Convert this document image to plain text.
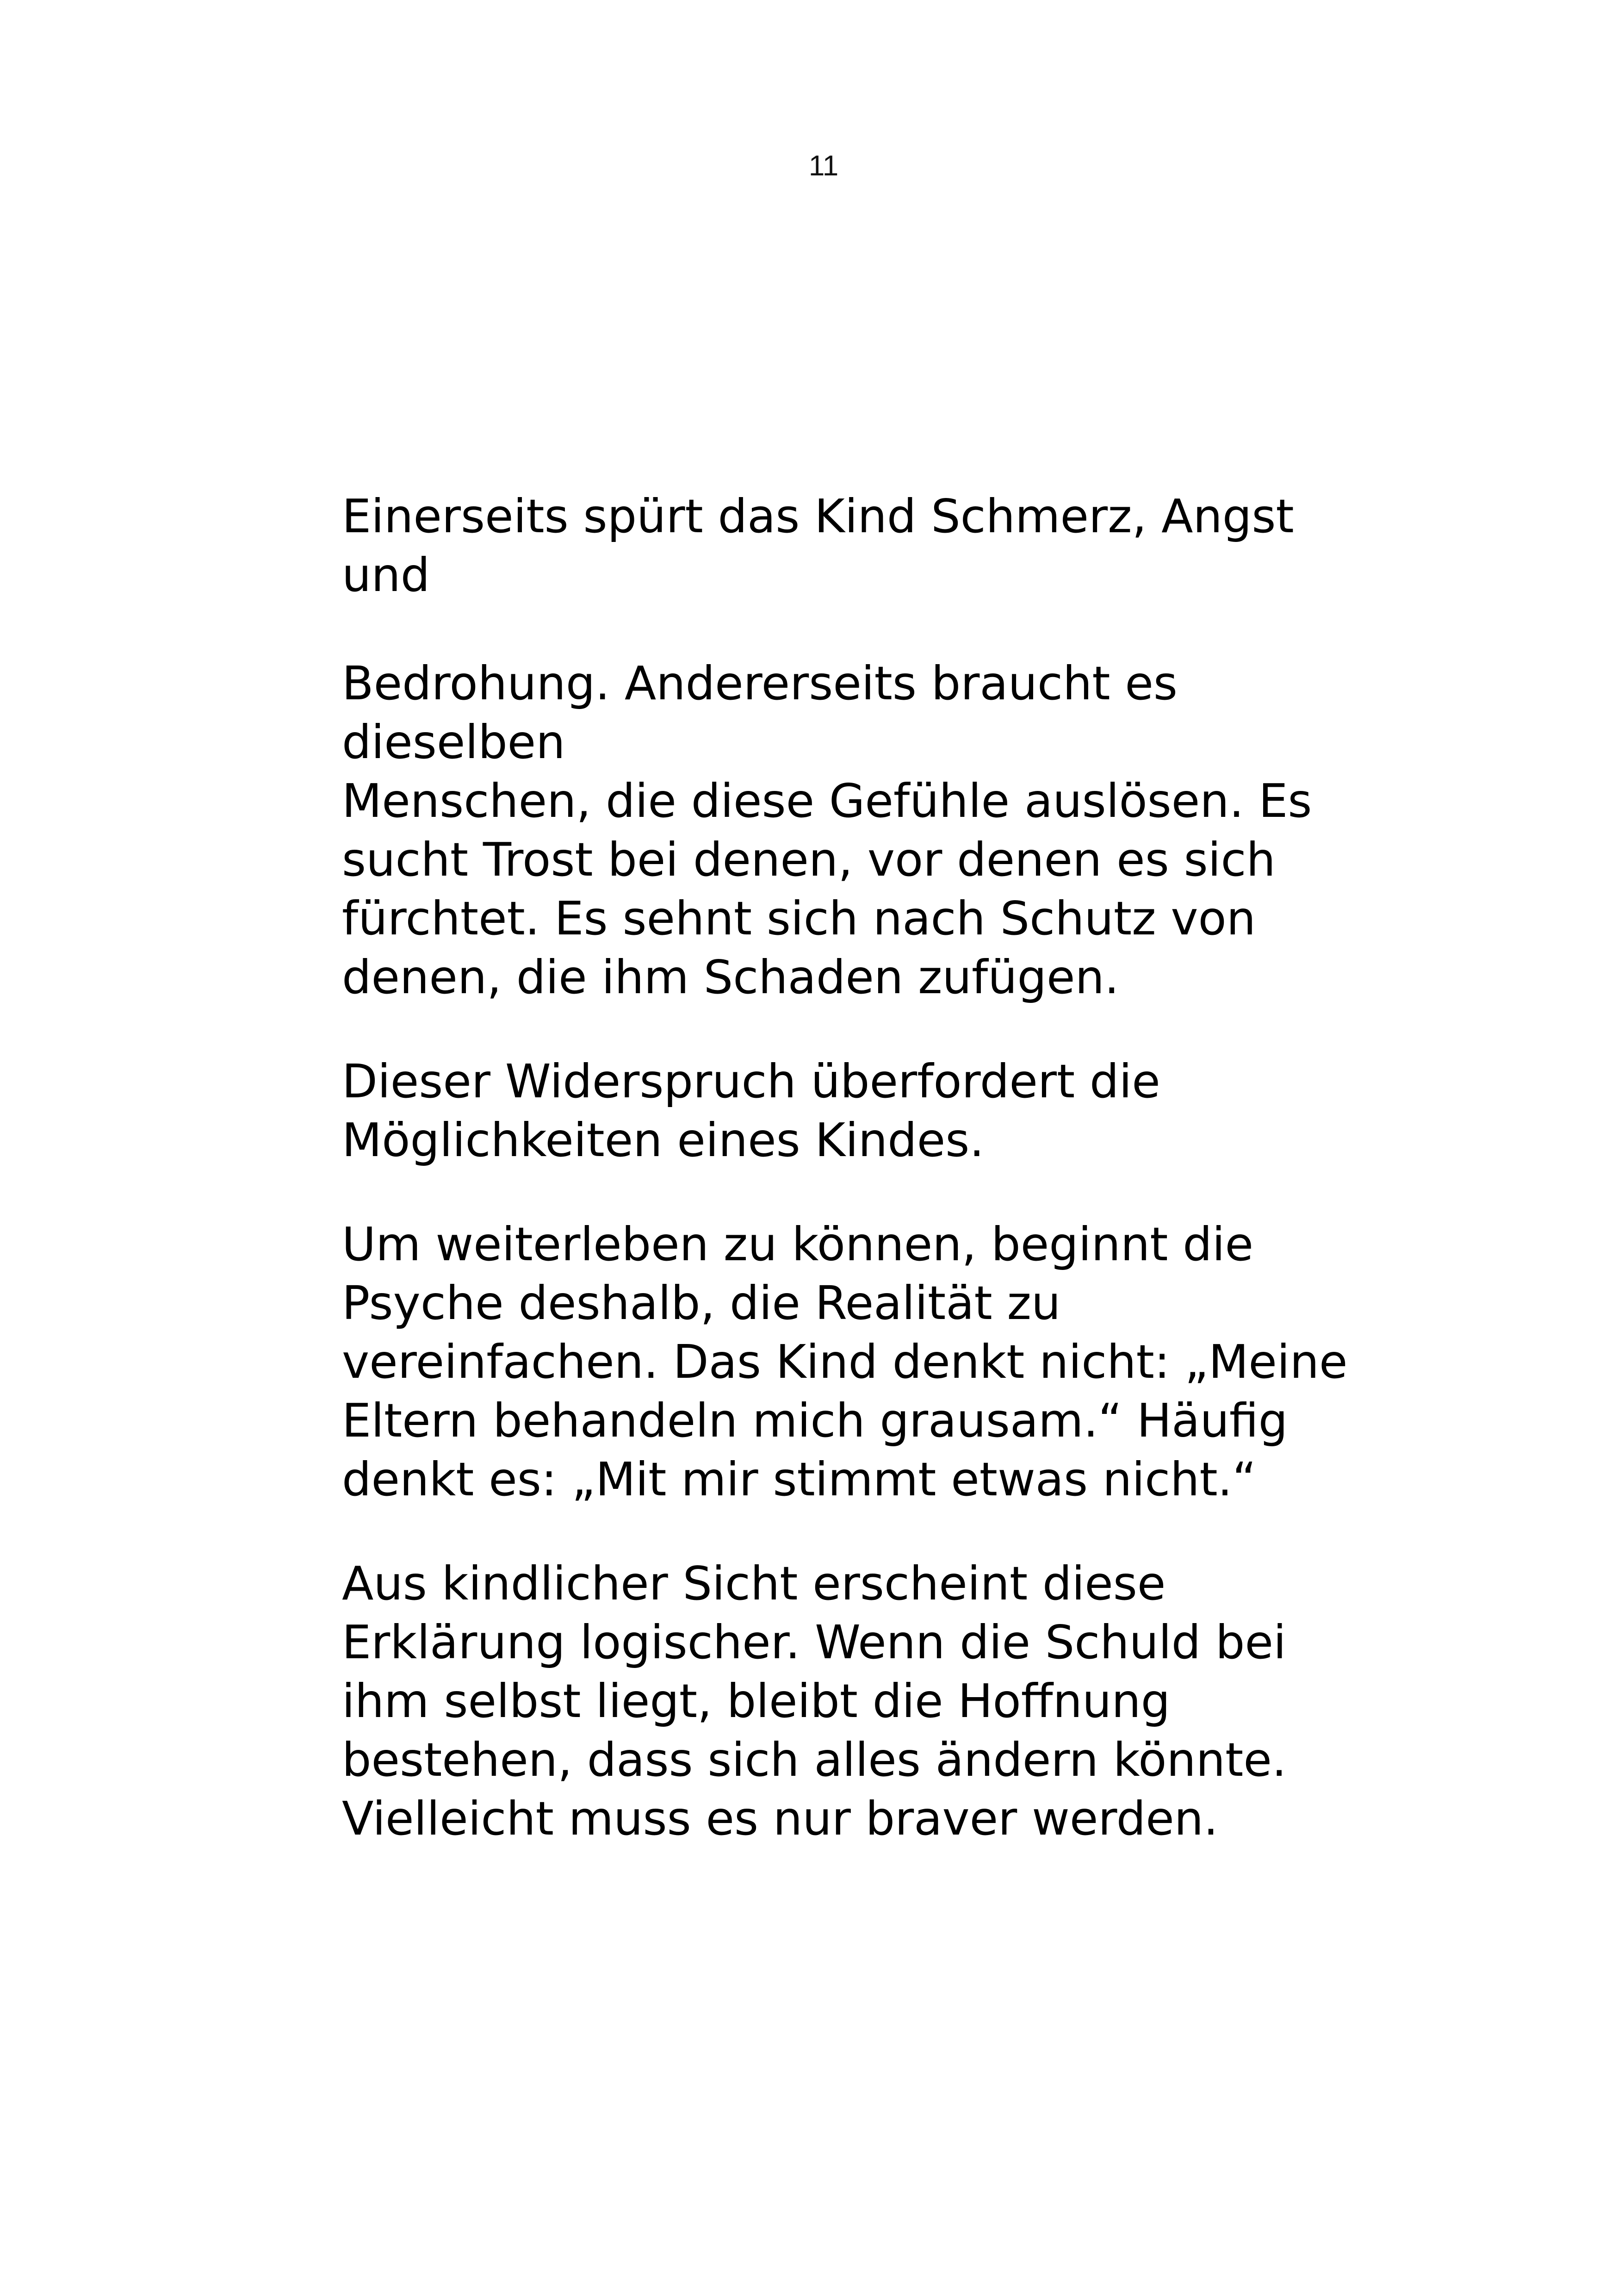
11
Einerseits spürt das Kind Schmerz, Angst
und
Bedrohung. Andererseits braucht es
dieselben
Menschen, die diese Gefühle auslösen. Es
sucht Trost bei denen, vor denen es sich
fürchtet. Es sehnt sich nach Schutz von
denen, die ihm Schaden zufügen.
Dieser Widerspruch überfordert die
Möglichkeiten eines Kindes.
Um weiterleben zu können, beginnt die
Psyche deshalb, die Realität zu
vereinfachen. Das Kind denkt nicht: „Meine
Eltern behandeln mich grausam.“ Häufig
denkt es: „Mit mir stimmt etwas nicht.“
Aus kindlicher Sicht erscheint diese
Erklärung logischer. Wenn die Schuld bei
ihm selbst liegt, bleibt die Hoffnung
bestehen, dass sich alles ändern könnte.
Vielleicht muss es nur braver werden.
